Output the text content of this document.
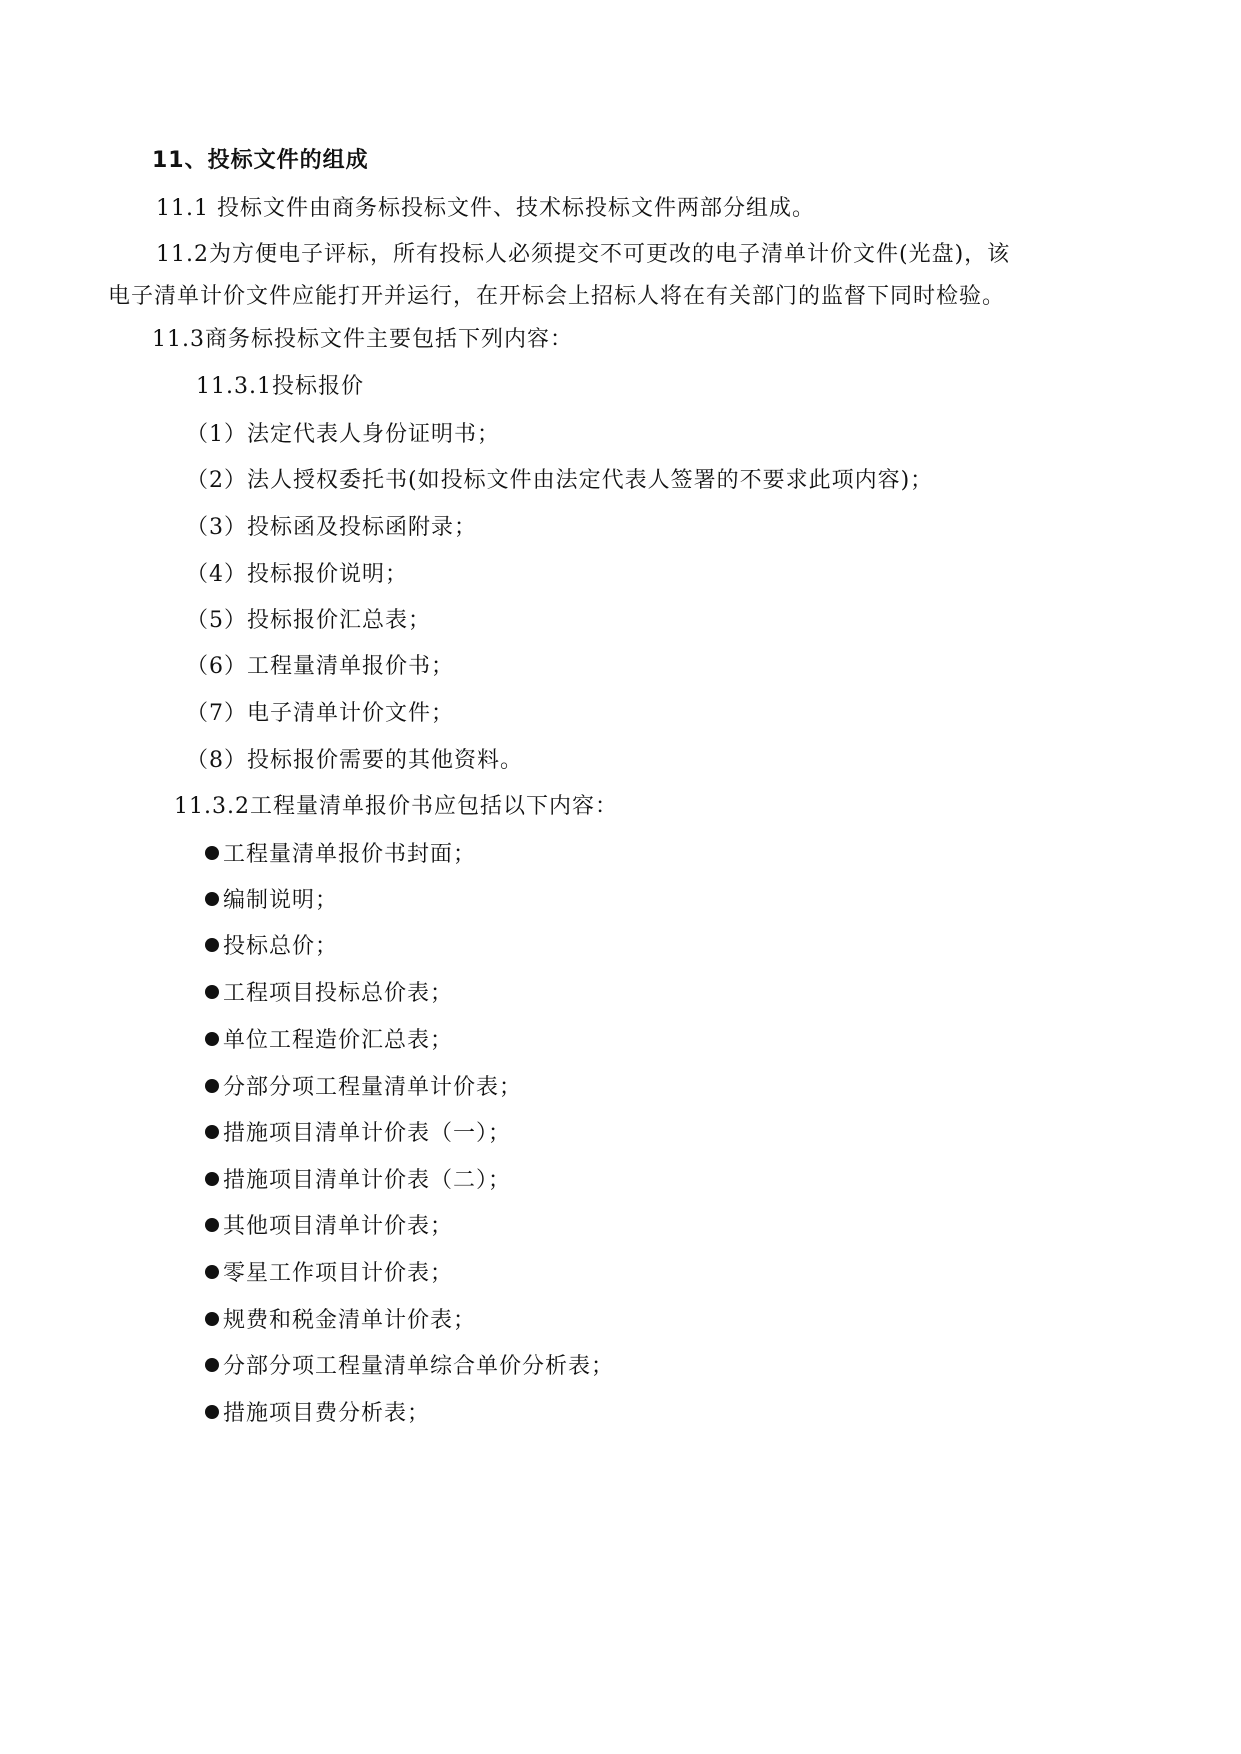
11、投标文件的组成
11.1 投标文件由商务标投标文件、技术标投标文件两部分组成。
11.2为方便电子评标，所有投标人必须提交不可更改的电子清单计价文件(光盘)，该
电子清单计价文件应能打开并运行，在开标会上招标人将在有关部门的监督下同时检验。
11.3商务标投标文件主要包括下列内容：
11.3.1投标报价
（1）法定代表人身份证明书；
（2）法人授权委托书(如投标文件由法定代表人签署的不要求此项内容)；
（3）投标函及投标函附录；
（4）投标报价说明；
（5）投标报价汇总表；
（6）工程量清单报价书；
（7）电子清单计价文件；
（8）投标报价需要的其他资料。
11.3.2工程量清单报价书应包括以下内容：
工程量清单报价书封面；
编制说明；
投标总价；
工程项目投标总价表；
单位工程造价汇总表；
分部分项工程量清单计价表；
措施项目清单计价表（一）；
措施项目清单计价表（二）；
其他项目清单计价表；
零星工作项目计价表；
规费和税金清单计价表；
分部分项工程量清单综合单价分析表；
措施项目费分析表；
